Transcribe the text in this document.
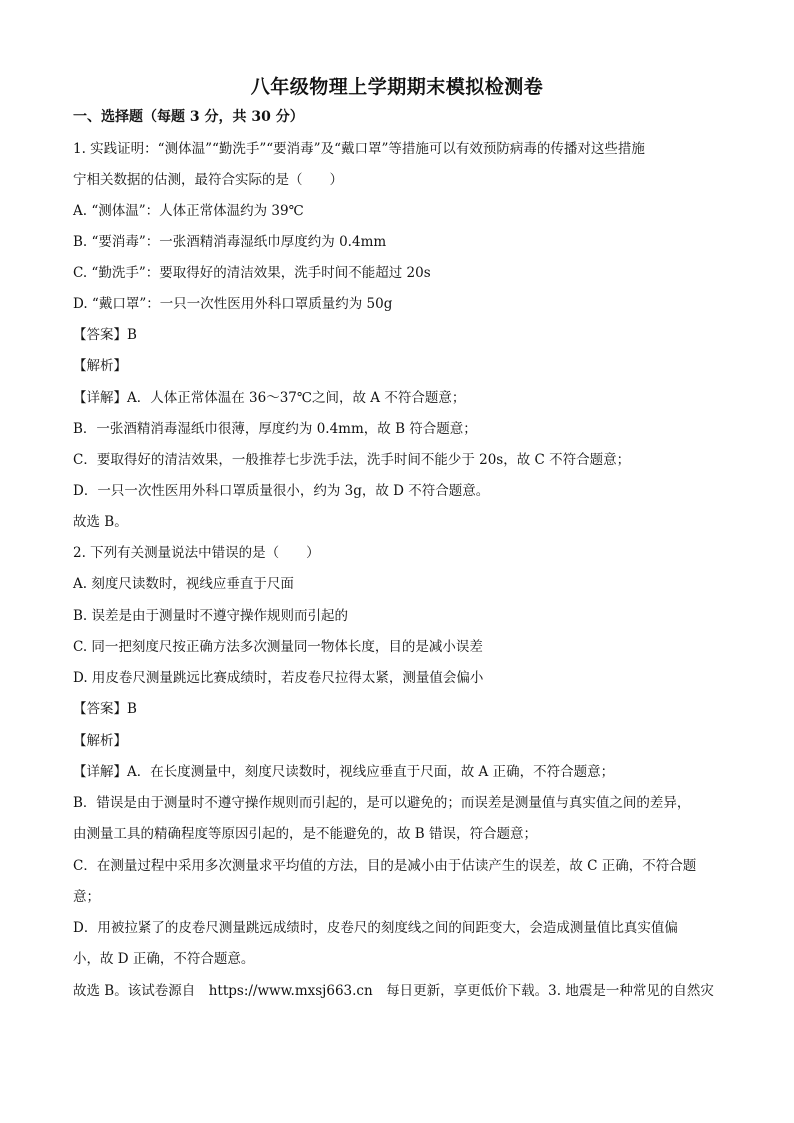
八年级物理上学期期末模拟检测卷
一、选择题（每题 3 分，共 30 分）
1. 实践证明：“测体温”“勤洗手”“要消毒”及“戴口罩”等措施可以有效预防病毒的传播对这些措施
宁相关数据的估测，最符合实际的是（　　）
A. “测体温”：人体正常体温约为 39℃
B. “要消毒”：一张酒精消毒湿纸巾厚度约为 0.4mm
C. “勤洗手”：要取得好的清洁效果，洗手时间不能超过 20s
D. “戴口罩”：一只一次性医用外科口罩质量约为 50g
【答案】B
【解析】
【详解】A．人体正常体温在 36～37℃之间，故 A 不符合题意；
B．一张酒精消毒湿纸巾很薄，厚度约为 0.4mm，故 B 符合题意；
C．要取得好的清洁效果，一般推荐七步洗手法，洗手时间不能少于 20s，故 C 不符合题意；
D．一只一次性医用外科口罩质量很小，约为 3g，故 D 不符合题意。
故选 B。
2. 下列有关测量说法中错误的是（　　）
A. 刻度尺读数时，视线应垂直于尺面
B. 误差是由于测量时不遵守操作规则而引起的
C. 同一把刻度尺按正确方法多次测量同一物体长度，目的是减小误差
D. 用皮卷尺测量跳远比赛成绩时，若皮卷尺拉得太紧，测量值会偏小
【答案】B
【解析】
【详解】A．在长度测量中，刻度尺读数时，视线应垂直于尺面，故 A 正确，不符合题意；
B．错误是由于测量时不遵守操作规则而引起的，是可以避免的；而误差是测量值与真实值之间的差异，
由测量工具的精确程度等原因引起的，是不能避免的，故 B 错误，符合题意；
C．在测量过程中采用多次测量求平均值的方法，目的是减小由于估读产生的误差，故 C 正确，不符合题
意；
D．用被拉紧了的皮卷尺测量跳远成绩时，皮卷尺的刻度线之间的间距变大，会造成测量值比真实值偏
小，故 D 正确，不符合题意。
故选 B。该试卷源自　https://www.mxsj663.cn　每日更新，享更低价下载。3. 地震是一种常见的自然灾
